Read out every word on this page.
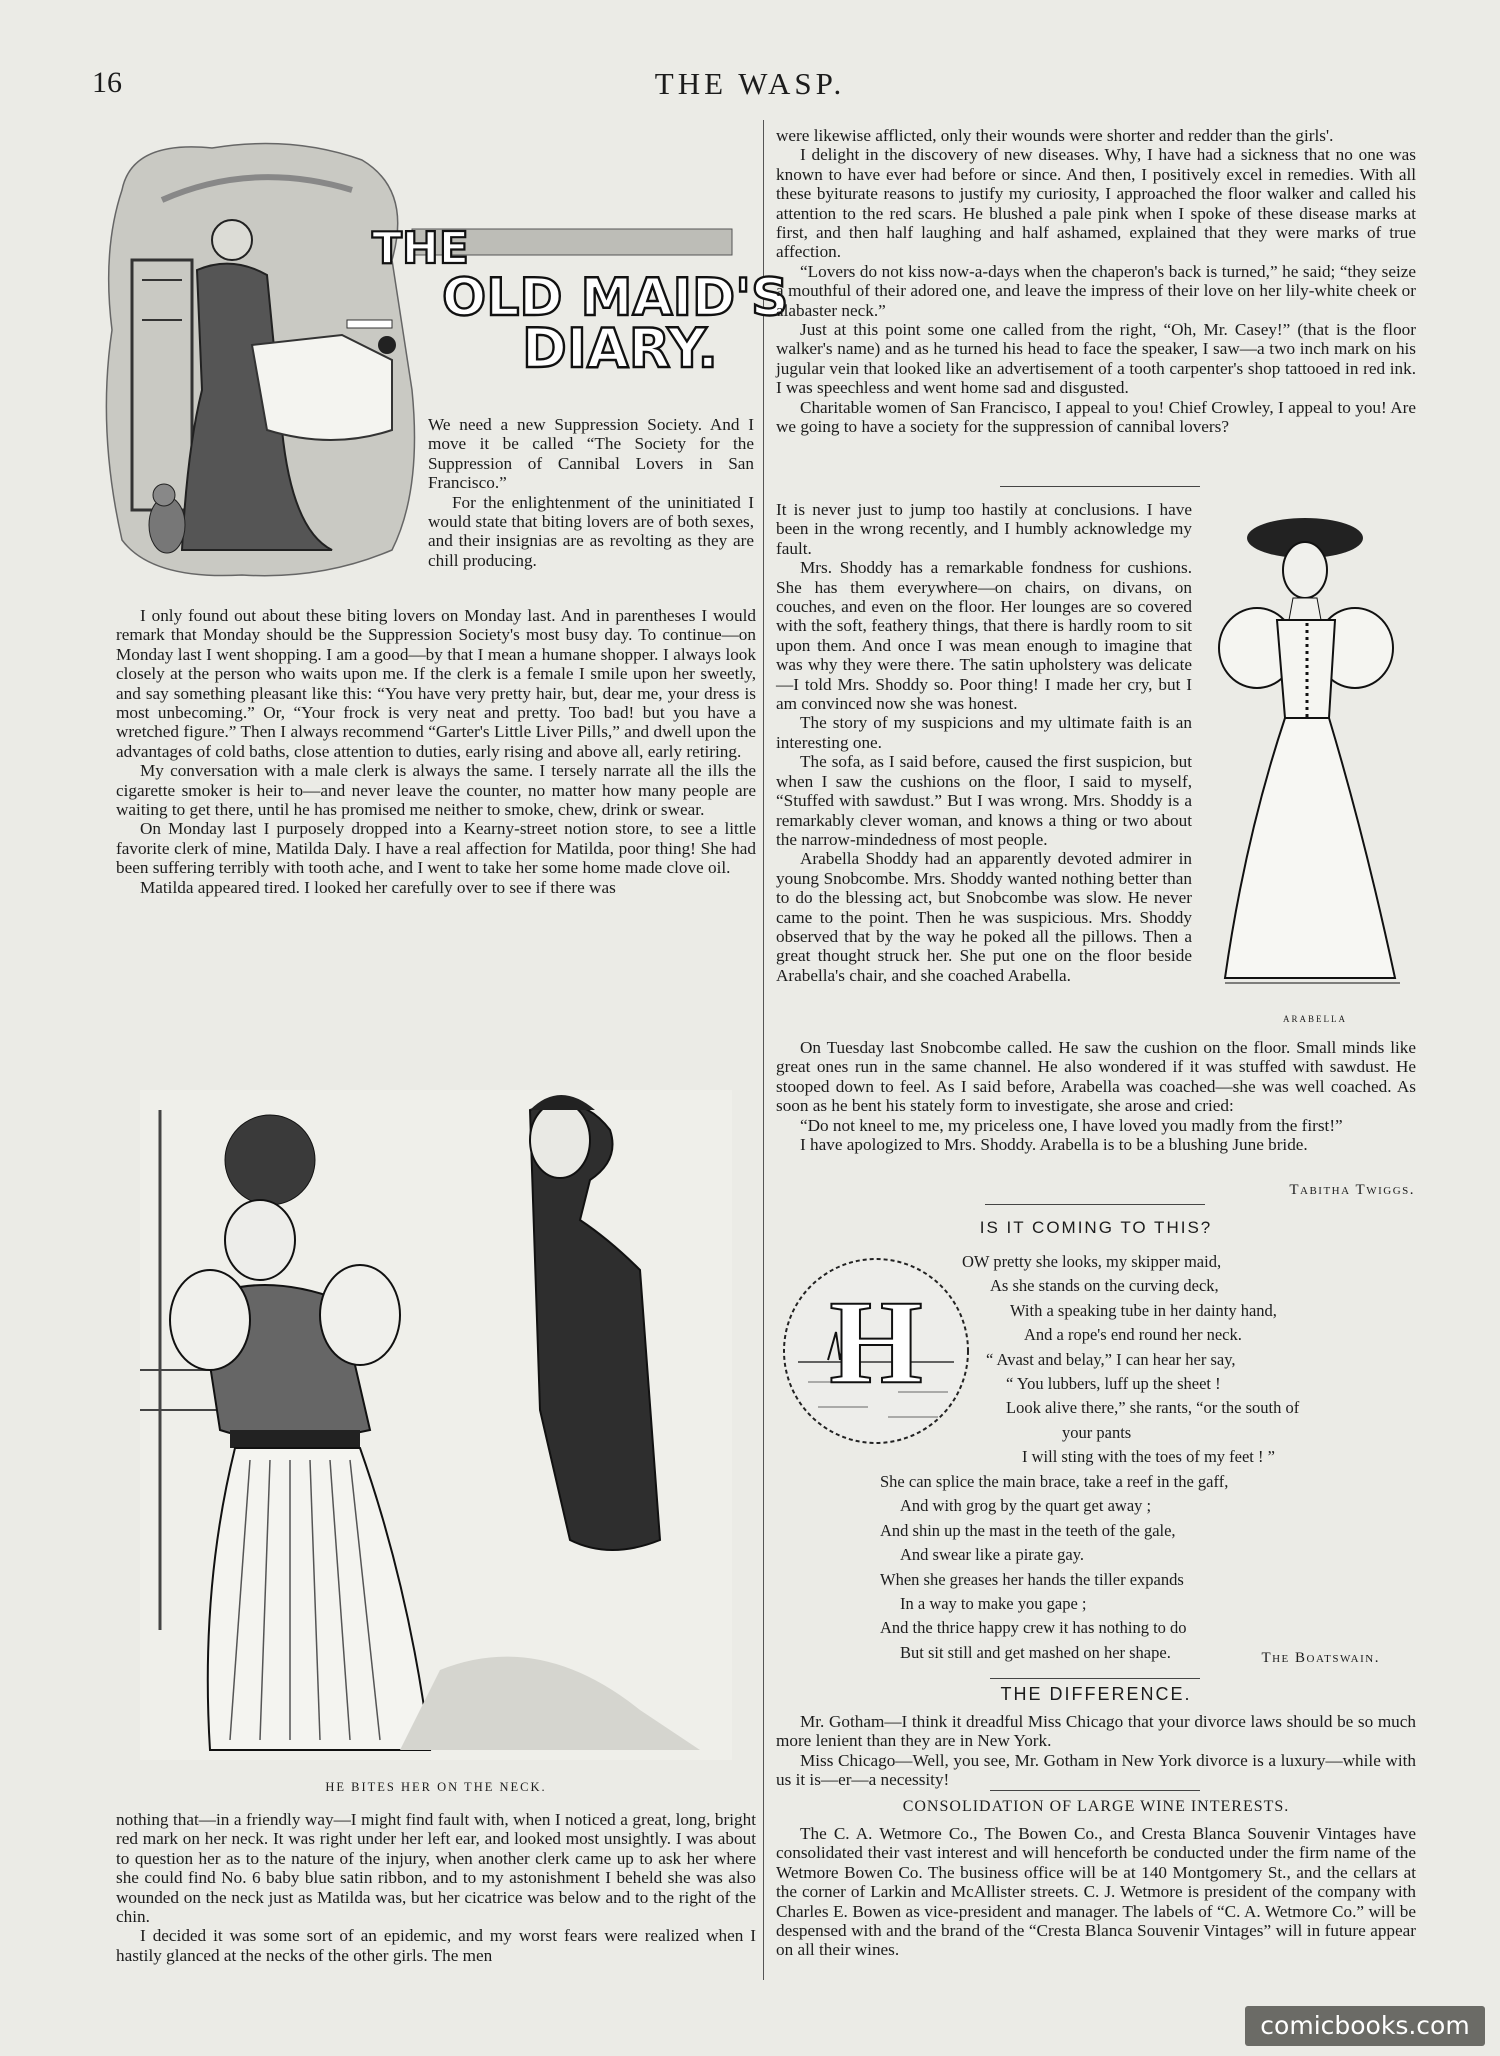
16	THE WASP.
THE
OLD MAID'S
DIARY.

We need a new Suppression Society. And I move it be called “The Society for the Suppression of Cannibal Lovers in San Francisco.”

For the enlightenment of the uninitiated I would state that biting lovers are of both sexes, and their insignias are as revolting as they are chill producing.

I only found out about these biting lovers on Monday last. And in parentheses I would remark that Monday should be the Suppression Society's most busy day. To continue—on Monday last I went shopping. I am a good—by that I mean a humane shopper. I always look closely at the person who waits upon me. If the clerk is a female I smile upon her sweetly, and say something pleasant like this: “You have very pretty hair, but, dear me, your dress is most unbecoming.” Or, “Your frock is very neat and pretty. Too bad! but you have a wretched figure.” Then I always recommend “Garter's Little Liver Pills,” and dwell upon the advantages of cold baths, close attention to duties, early rising and above all, early retiring.

My conversation with a male clerk is always the same. I tersely narrate all the ills the cigarette smoker is heir to—and never leave the counter, no matter how many people are waiting to get there, until he has promised me neither to smoke, chew, drink or swear.

On Monday last I purposely dropped into a Kearny-street notion store, to see a little favorite clerk of mine, Matilda Daly. I have a real affection for Matilda, poor thing! She had been suffering terribly with tooth ache, and I went to take her some home made clove oil.

Matilda appeared tired. I looked her carefully over to see if there was

HE BITES HER ON THE NECK.

nothing that—in a friendly way—I might find fault with, when I noticed a great, long, bright red mark on her neck. It was right under her left ear, and looked most unsightly. I was about to question her as to the nature of the injury, when another clerk came up to ask her where she could find No. 6 baby blue satin ribbon, and to my astonishment I beheld she was also wounded on the neck just as Matilda was, but her cicatrice was below and to the right of the chin.

I decided it was some sort of an epidemic, and my worst fears were realized when I hastily glanced at the necks of the other girls. The men

were likewise afflicted, only their wounds were shorter and redder than the girls'.

I delight in the discovery of new diseases. Why, I have had a sickness that no one was known to have ever had before or since. And then, I positively excel in remedies. With all these byiturate reasons to justify my curiosity, I approached the floor walker and called his attention to the red scars. He blushed a pale pink when I spoke of these disease marks at first, and then half laughing and half ashamed, explained that they were marks of true affection.

“Lovers do not kiss now-a-days when the chaperon's back is turned,” he said; “they seize a mouthful of their adored one, and leave the impress of their love on her lily-white cheek or alabaster neck.”

Just at this point some one called from the right, “Oh, Mr. Casey!” (that is the floor walker's name) and as he turned his head to face the speaker, I saw—a two inch mark on his jugular vein that looked like an advertisement of a tooth carpenter's shop tattooed in red ink. I was speechless and went home sad and disgusted.

Charitable women of San Francisco, I appeal to you! Chief Crowley, I appeal to you! Are we going to have a society for the suppression of cannibal lovers?

It is never just to jump too hastily at conclusions. I have been in the wrong recently, and I humbly acknowledge my fault.

Mrs. Shoddy has a remarkable fondness for cushions. She has them everywhere—on chairs, on divans, on couches, and even on the floor. Her lounges are so covered with the soft, feathery things, that there is hardly room to sit upon them. And once I was mean enough to imagine that was why they were there. The satin upholstery was delicate—I told Mrs. Shoddy so. Poor thing! I made her cry, but I am convinced now she was honest.

The story of my suspicions and my ultimate faith is an interesting one.

The sofa, as I said before, caused the first suspicion, but when I saw the cushions on the floor, I said to myself, “Stuffed with sawdust.” But I was wrong. Mrs. Shoddy is a remarkably clever woman, and knows a thing or two about the narrow-mindedness of most people.

Arabella Shoddy had an apparently devoted admirer in young Snobcombe. Mrs. Shoddy wanted nothing better than to do the blessing act, but Snobcombe was slow. He never came to the point. Then he was suspicious. Mrs. Shoddy observed that by the way he poked all the pillows. Then a great thought struck her. She put one on the floor beside Arabella's chair, and she coached Arabella.

ARABELLA

On Tuesday last Snobcombe called. He saw the cushion on the floor. Small minds like great ones run in the same channel. He also wondered if it was stuffed with sawdust. He stooped down to feel. As I said before, Arabella was coached—she was well coached. As soon as he bent his stately form to investigate, she arose and cried:

“Do not kneel to me, my priceless one, I have loved you madly from the first!”

I have apologized to Mrs. Shoddy. Arabella is to be a blushing June bride.

Tabitha Twiggs.
IS IT COMING TO THIS?
H
OW pretty she looks, my skipper maid,
As she stands on the curving deck,
With a speaking tube in her dainty hand,
And a rope's end round her neck.
“ Avast and belay,” I can hear her say,
“ You lubbers, luff up the sheet !
Look alive there,” she rants, “or the south of
your pants
I will sting with the toes of my feet ! ”
She can splice the main brace, take a reef in the gaff,
And with grog by the quart get away ;
And shin up the mast in the teeth of the gale,
And swear like a pirate gay.
When she greases her hands the tiller expands
In a way to make you gape ;
And the thrice happy crew it has nothing to do
But sit still and get mashed on her shape.	The Boatswain.
THE DIFFERENCE.

Mr. Gotham—I think it dreadful Miss Chicago that your divorce laws should be so much more lenient than they are in New York.

Miss Chicago—Well, you see, Mr. Gotham in New York divorce is a luxury—while with us it is—er—a necessity!

CONSOLIDATION OF LARGE WINE INTERESTS.

The C. A. Wetmore Co., The Bowen Co., and Cresta Blanca Souvenir Vintages have consolidated their vast interest and will henceforth be conducted under the firm name of the Wetmore Bowen Co. The business office will be at 140 Montgomery St., and the cellars at the corner of Larkin and McAllister streets. C. J. Wetmore is president of the company with Charles E. Bowen as vice-president and manager. The labels of “C. A. Wetmore Co.” will be despensed with and the brand of the “Cresta Blanca Souvenir Vintages” will in future appear on all their wines.

comicbooks.com
